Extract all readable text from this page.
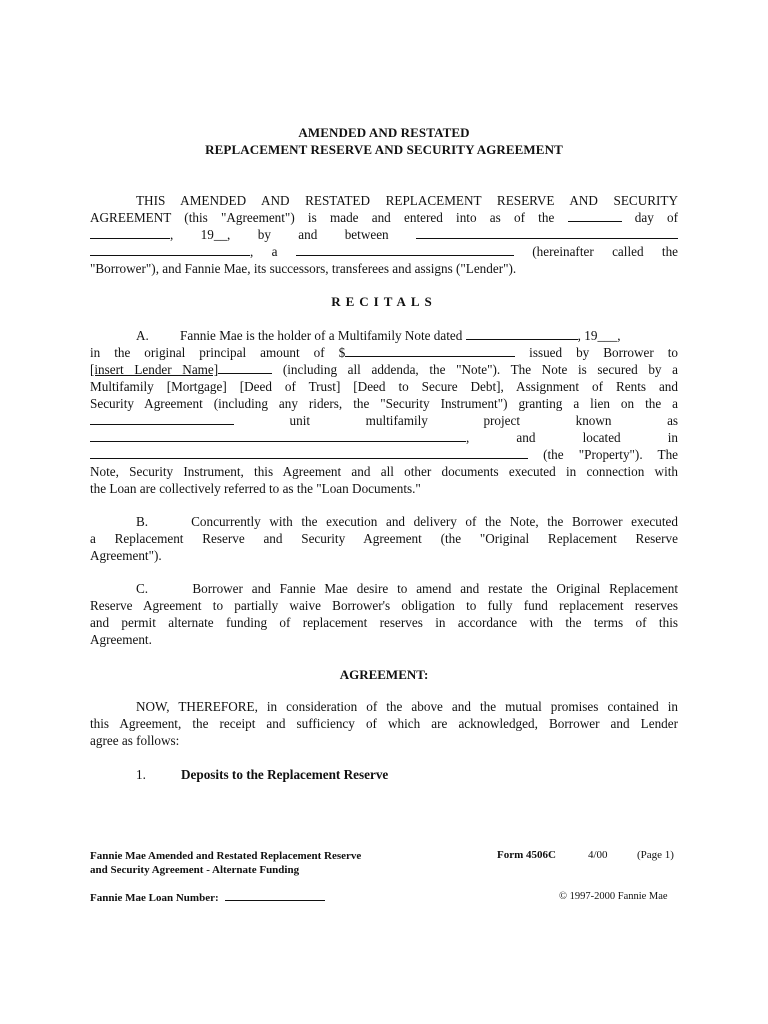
AMENDED AND RESTATED
REPLACEMENT RESERVE AND SECURITY AGREEMENT
THIS AMENDED AND RESTATED REPLACEMENT RESERVE AND SECURITY
AGREEMENT (this "Agreement") is made and entered into as of the	day of
, 19__, by and between
, a	(hereinafter called the
"Borrower"), and Fannie Mae, its successors, transferees and assigns ("Lender").
RECITALS
A. Fannie Mae is the holder of a Multifamily Note dated	, 19___,
in the original principal amount of $	issued by Borrower to
[insert Lender Name]	(including all addenda, the "Note"). The Note is secured by a
Multifamily [Mortgage] [Deed of Trust] [Deed to Secure Debt], Assignment of Rents and
Security Agreement (including any riders, the "Security Instrument") granting a lien on the a
unit	multifamily	project	known	as
,	and	located	in
(the "Property"). The
Note, Security Instrument, this Agreement and all other documents executed in connection with
the Loan are collectively referred to as the "Loan Documents."
B.     Concurrently with the execution and delivery of the Note, the Borrower executed
a Replacement Reserve and Security Agreement (the "Original Replacement Reserve
Agreement").
C.     Borrower and Fannie Mae desire to amend and restate the Original Replacement
Reserve Agreement to partially waive Borrower's obligation to fully fund replacement reserves
and permit alternate funding of replacement reserves in accordance with the terms of this
Agreement.
AGREEMENT:
NOW, THEREFORE, in consideration of the above and the mutual promises contained in
this Agreement, the receipt and sufficiency of which are acknowledged, Borrower and Lender
agree as follows:
1.	Deposits to the Replacement Reserve
Fannie Mae Amended and Restated Replacement Reserve
and Security Agreement - Alternate Funding
Form 4506C	4/00	(Page 1)
Fannie Mae Loan Number:	© 1997-2000 Fannie Mae
